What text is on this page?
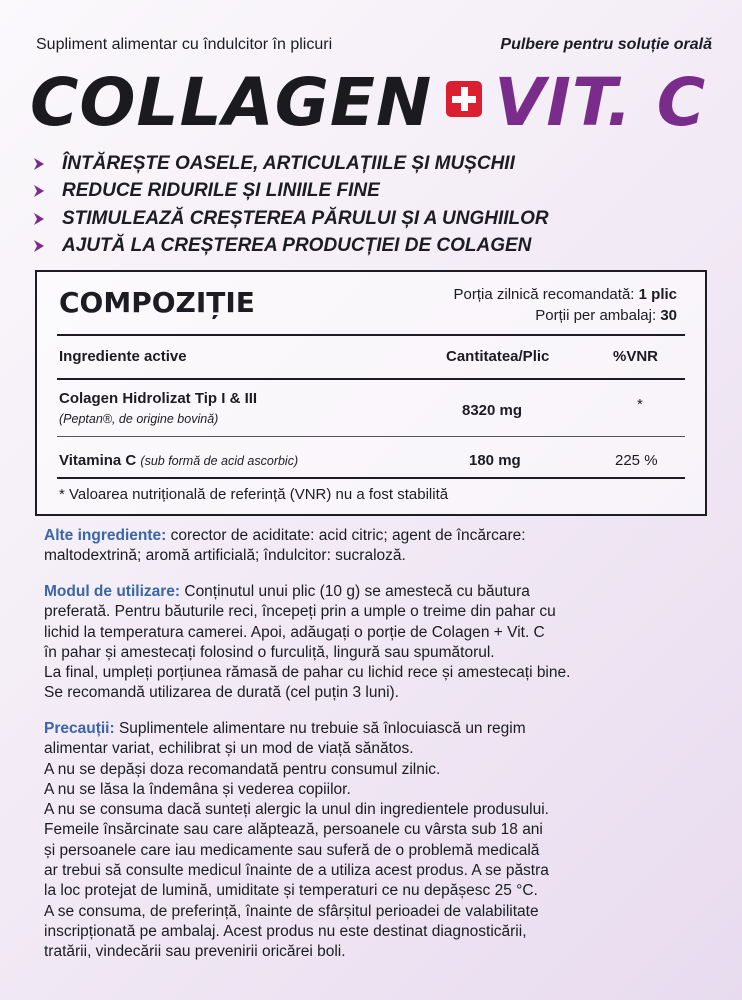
Supliment alimentar cu îndulcitor în plicuri	Pulbere pentru soluție orală
COLLAGEN VIT. C
ÎNTĂREȘTE OASELE, ARTICULAȚIILE ȘI MUȘCHII
REDUCE RIDURILE ȘI LINIILE FINE
STIMULEAZĂ CREȘTEREA PĂRULUI ȘI A UNGHIILOR
AJUTĂ LA CREȘTEREA PRODUCȚIEI DE COLAGEN
COMPOZIȚIE	Porția zilnică recomandată: 1 plic
Porții per ambalaj: 30
Ingrediente active	Cantitatea/Plic	%VNR
Colagen Hidrolizat Tip I & III
(Peptan®, de origine bovină)	8320 mg	*
Vitamina C (sub formă de acid ascorbic)	180 mg	225 %
* Valoarea nutrițională de referință (VNR) nu a fost stabilită
Alte ingrediente: corector de aciditate: acid citric; agent de încărcare:
maltodextrină; aromă artificială; îndulcitor: sucraloză.
Modul de utilizare: Conținutul unui plic (10 g) se amestecă cu băutura
preferată. Pentru băuturile reci, începeți prin a umple o treime din pahar cu
lichid la temperatura camerei. Apoi, adăugați o porție de Colagen + Vit. C
în pahar și amestecați folosind o furculiță, lingură sau spumătorul.
La final, umpleți porțiunea rămasă de pahar cu lichid rece și amestecați bine.
Se recomandă utilizarea de durată (cel puțin 3 luni).
Precauții: Suplimentele alimentare nu trebuie să înlocuiască un regim
alimentar variat, echilibrat și un mod de viață sănătos.
A nu se depăși doza recomandată pentru consumul zilnic.
A nu se lăsa la îndemâna și vederea copiilor.
A nu se consuma dacă sunteți alergic la unul din ingredientele produsului.
Femeile însărcinate sau care alăptează, persoanele cu vârsta sub 18 ani
și persoanele care iau medicamente sau suferă de o problemă medicală
ar trebui să consulte medicul înainte de a utiliza acest produs. A se păstra
la loc protejat de lumină, umiditate și temperaturi ce nu depășesc 25 °C.
A se consuma, de preferință, înainte de sfârșitul perioadei de valabilitate
inscripționată pe ambalaj. Acest produs nu este destinat diagnosticării,
tratării, vindecării sau prevenirii oricărei boli.
